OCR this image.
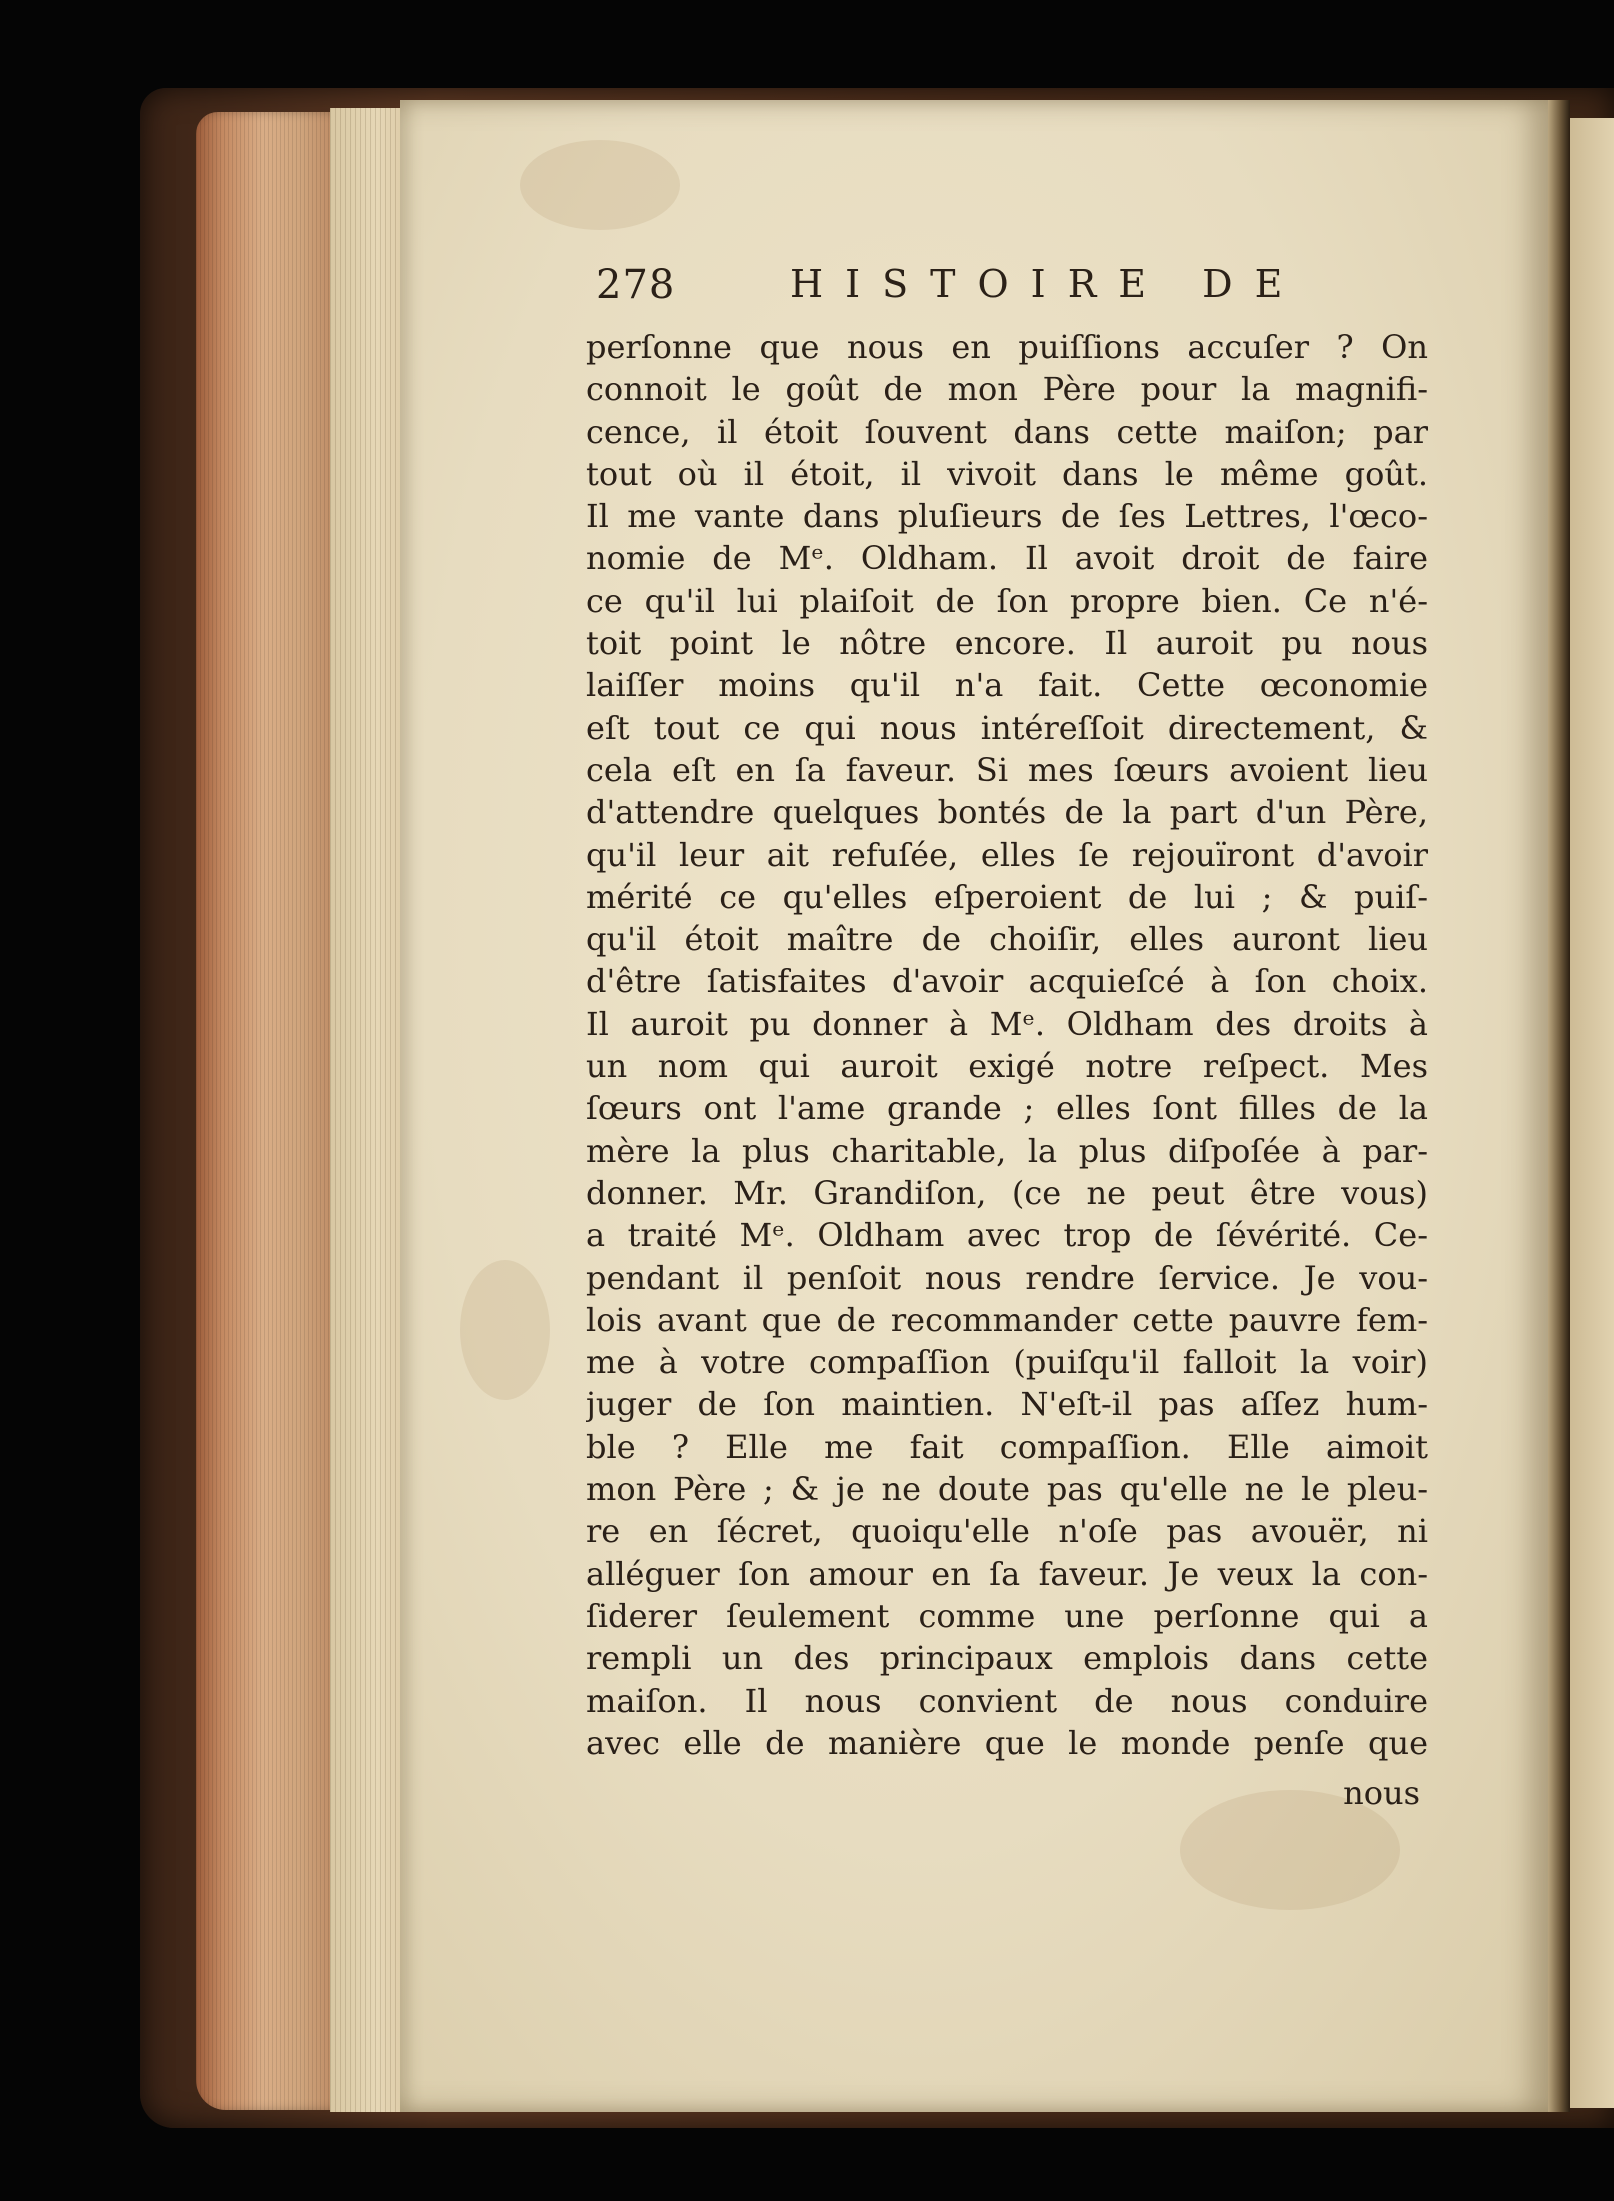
278	HISTOIRE DE
perſonne que nous en puiſſions accuſer ? On
connoit le goût de mon Père pour la magnifi-
cence, il étoit ſouvent dans cette maiſon; par
tout où il étoit, il vivoit dans le même goût.
Il me vante dans pluſieurs de ſes Lettres, l'œco-
nomie de Mᵉ. Oldham. Il avoit droit de faire
ce qu'il lui plaiſoit de ſon propre bien. Ce n'é-
toit point le nôtre encore. Il auroit pu nous
laiſſer moins qu'il n'a fait. Cette œconomie
eſt tout ce qui nous intéreſſoit directement, &
cela eſt en ſa faveur. Si mes ſœurs avoient lieu
d'attendre quelques bontés de la part d'un Père,
qu'il leur ait refuſée, elles ſe rejouïront d'avoir
mérité ce qu'elles eſperoient de lui ; & puiſ-
qu'il étoit maître de choiſir, elles auront lieu
d'être ſatisfaites d'avoir acquieſcé à ſon choix.
Il auroit pu donner à Mᵉ. Oldham des droits à
un nom qui auroit exigé notre reſpect. Mes
ſœurs ont l'ame grande ; elles ſont filles de la
mère la plus charitable, la plus diſpoſée à par-
donner. Mr. Grandiſon, (ce ne peut être vous)
a traité Mᵉ. Oldham avec trop de ſévérité. Ce-
pendant il penſoit nous rendre ſervice. Je vou-
lois avant que de recommander cette pauvre fem-
me à votre compaſſion (puiſqu'il falloit la voir)
juger de ſon maintien. N'eſt-il pas aſſez hum-
ble ? Elle me fait compaſſion. Elle aimoit
mon Père ; & je ne doute pas qu'elle ne le pleu-
re en ſécret, quoiqu'elle n'oſe pas avouër, ni
alléguer ſon amour en ſa faveur. Je veux la con-
ſiderer ſeulement comme une perſonne qui a
rempli un des principaux emplois dans cette
maiſon. Il nous convient de nous conduire
avec elle de manière que le monde penſe que
nous
